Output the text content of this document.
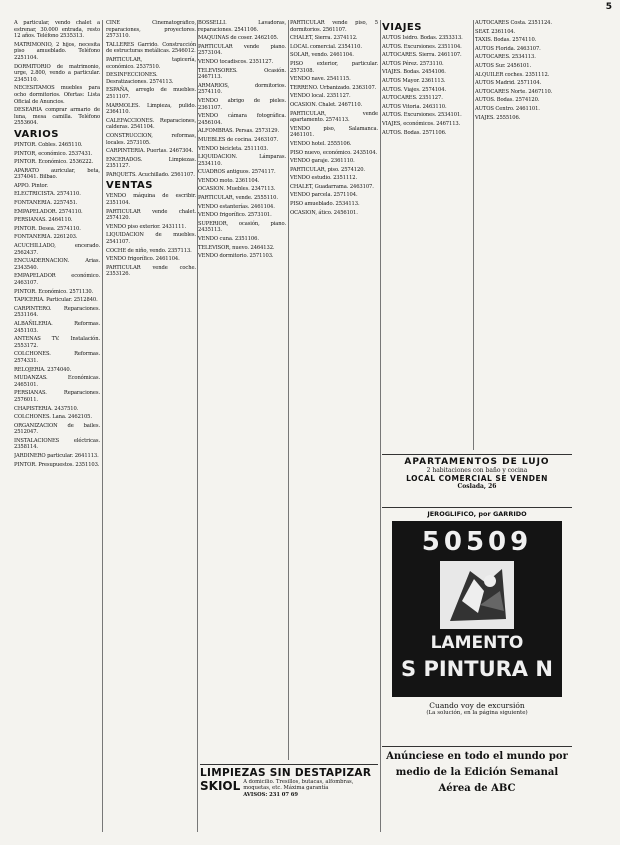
5
A particular, vendo chalet a estrenar, 30.000 entrada, resto 12 años. Teléfono 2535313.
MATRIMONIO, 2 hijos, necesita piso amueblado. Teléfono 2251104.
DORMITORIO de matrimonio, urge, 2.800, vendo a particular. 2345110.
NECESITAMOS muebles para ocho dormitorios. Ofertas: Lista Oficial de Anuncios.
DESEARIA comprar armario de luna, mesa camilla. Teléfono 2553604.
VARIOS
PINTOR. Cobles. 2465110.
PINTOR, económico. 2537431.
PINTOR. Económico. 2536222.
APARATO auricular, beta, 2374041. Bilbao.
APPO. Pintor.
ELECTRICISTA. 2574110.
FONTANERIA. 2257451.
EMPAPELADOR. 2574110.
PERSIANAS. 2464110.
PINTOR. Desea. 2574110.
FONTANERIA. 2261203.
ACUCHILLADO, encerado. 2562437.
ENCUADERNACION. Arias. 2343540.
EMPAPELADOR económico. 2463107.
PINTOR. Económico. 2571130.
TAPICERIA. Particular. 2512840.
CARPINTERO. Reparaciones. 2531164.
ALBAÑILERIA. Reformas. 2451103.
ANTENAS TV. Instalación. 2553172.
COLCHONES. Reformas. 2574331.
RELOJERIA. 2374040.
MUDANZAS. Económicas. 2465101.
PERSIANAS. Reparaciones. 2576011.
CHAPISTERIA. 2437510.
COLCHONES. Lana. 2462105.
ORGANIZACION de bailes. 2512047.
INSTALACIONES eléctricas. 2358114.
JARDINERO particular. 2641113.
PINTOR. Presupuestos. 2351103.
CINE Cinematográfico, reparaciones, proyectores. 2573110.
TALLERES Garrido. Construcción de estructuras metálicas. 2546012.
PARTICULAR, tapicería, económico. 2537510.
DESINFECCIONES. Desratizaciones. 2574113.
ESPAÑA, arreglo de muebles. 2511107.
MARMOLES. Limpieza, pulido. 2364110.
CALEFACCIONES. Reparaciones, calderas. 2541104.
CONSTRUCCION, reformas, locales. 2573105.
CARPINTERIA. Puertas. 2467304.
ENCERADOS. Limpiezas. 2351127.
PARQUETS. Acuchillado. 2561107.
VENTAS
VENDO máquina de escribir. 2351104.
PARTICULAR vende chalet. 2574120.
VENDO piso exterior. 2431111.
LIQUIDACION de muebles. 2541107.
COCHE de niño, vendo. 2357113.
VENDO frigorífico. 2461104.
PARTICULAR vende coche. 2353126.
BOSSELLI. Lavadoras, reparaciones. 2541106.
MAQUINAS de coser. 2462105.
PARTICULAR vende piano. 2573104.
VENDO tocadiscos. 2351127.
TELEVISORES. Ocasión. 2467113.
ARMARIOS, dormitorios. 2574110.
VENDO abrigo de pieles. 2361107.
VENDO cámara fotográfica. 2456104.
ALFOMBRAS. Persas. 2573129.
MUEBLES de cocina. 2463107.
VENDO bicicleta. 2511103.
LIQUIDACION. Lámparas. 2534110.
CUADROS antiguos. 2574117.
VENDO moto. 2361104.
OCASION. Muebles. 2347113.
PARTICULAR, vende. 2555110.
VENDO estanterías. 2461104.
VENDO frigorífico. 2573101.
SUPERIOR, ocasión, piano. 2435113.
VENDO cuna. 2351106.
TELEVISOR, nuevo. 2464132.
VENDO dormitorio. 2571103.
PARTICULAR vende piso, 5 dormitorios. 2561107.
CHALET, Sierra. 2374112.
LOCAL comercial. 2354110.
SOLAR, vendo. 2461104.
PISO exterior, particular. 2573108.
VENDO nave. 2541115.
TERRENO. Urbanizado. 2363107.
VENDO local. 2351127.
OCASION. Chalet. 2467110.
PARTICULAR, vende apartamento. 2574113.
VENDO piso, Salamanca. 2461101.
VENDO hotel. 2555106.
PISO nuevo, económico. 2435104.
VENDO garaje. 2361110.
PARTICULAR, piso. 2574120.
VENDO estudio. 2351112.
CHALET, Guadarrama. 2463107.
VENDO parcela. 2571104.
PISO amueblado. 2534113.
OCASION, ático. 2456101.
VIAJES
AUTOS Isidro. Bodas. 2353313.
AUTOS. Excursiones. 2351104.
AUTOCARES. Sierra. 2461107.
AUTOS Pérez. 2573110.
VIAJES. Bodas. 2454106.
AUTOS Mayor. 2361113.
AUTOS. Viajes. 2574104.
AUTOCARES. 2351127.
AUTOS Vitoria. 2463110.
AUTOS. Excursiones. 2534101.
VIAJES, económicos. 2467113.
AUTOS. Bodas. 2571106.
AUTOCARES Costa. 2351124.
SEAT. 2361104.
TAXIS. Bodas. 2574110.
AUTOS Florida. 2463107.
AUTOCARES. 2534113.
AUTOS Sur. 2456101.
ALQUILER coches. 2351112.
AUTOS Madrid. 2571104.
AUTOCARES Norte. 2467110.
AUTOS. Bodas. 2574120.
AUTOS Centro. 2461101.
VIAJES. 2555106.
APARTAMENTOS DE LUJO
2 habitaciones con baño y cocina
LOCAL COMERCIAL SE VENDEN
Coslada, 26
JEROGLIFICO, por GARRIDO
50509
LAMENTO
S PINTURA N
Cuando voy de excursión
(La solución, en la página siguiente)
Anúnciese en todo el mundo por
medio de la Edición Semanal
Aérea de ABC
LIMPIEZAS SIN DESTAPIZAR
SKIOL A domicilio. Tresillos, butacas, alfombras, moquetas, etc. Máxima garantía
AVISOS: 231 07 69
